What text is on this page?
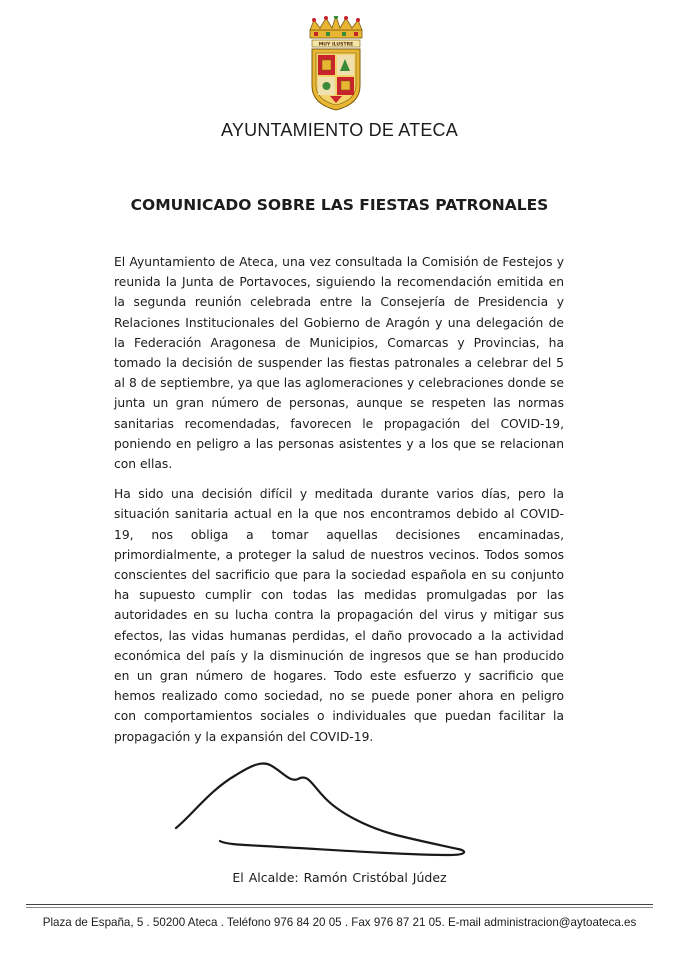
MUY ILUSTRE
AYUNTAMIENTO DE ATECA
COMUNICADO SOBRE LAS FIESTAS PATRONALES

El Ayuntamiento de Ateca, una vez consultada la Comisión de Festejos y reunida la Junta de Portavoces, siguiendo la recomendación emitida en la segunda reunión celebrada entre la Consejería de Presidencia y Relaciones Institucionales del Gobierno de Aragón y una delegación de la Federación Aragonesa de Municipios, Comarcas y Provincias, ha tomado la decisión de suspender las fiestas patronales a celebrar del 5 al 8 de septiembre, ya que las aglomeraciones y celebraciones donde se junta un gran número de personas, aunque se respeten las normas sanitarias recomendadas, favorecen le propagación del COVID-19, poniendo en peligro a las personas asistentes y a los que se relacionan con ellas.

Ha sido una decisión difícil y meditada durante varios días, pero la situación sanitaria actual en la que nos encontramos debido al COVID-19, nos obliga a tomar aquellas decisiones encaminadas, primordialmente, a proteger la salud de nuestros vecinos. Todos somos conscientes del sacrificio que para la sociedad española en su conjunto ha supuesto cumplir con todas las medidas promulgadas por las autoridades en su lucha contra la propagación del virus y mitigar sus efectos, las vidas humanas perdidas, el daño provocado a la actividad económica del país y la disminución de ingresos que se han producido en un gran número de hogares. Todo este esfuerzo y sacrificio que hemos realizado como sociedad, no se puede poner ahora en peligro con comportamientos sociales o individuales que puedan facilitar la propagación y la expansión del COVID-19.

El Alcalde: Ramón Cristóbal Júdez
Plaza de España, 5 . 50200 Ateca . Teléfono 976 84 20 05 . Fax 976 87 21 05. E-mail administracion@aytoateca.es
